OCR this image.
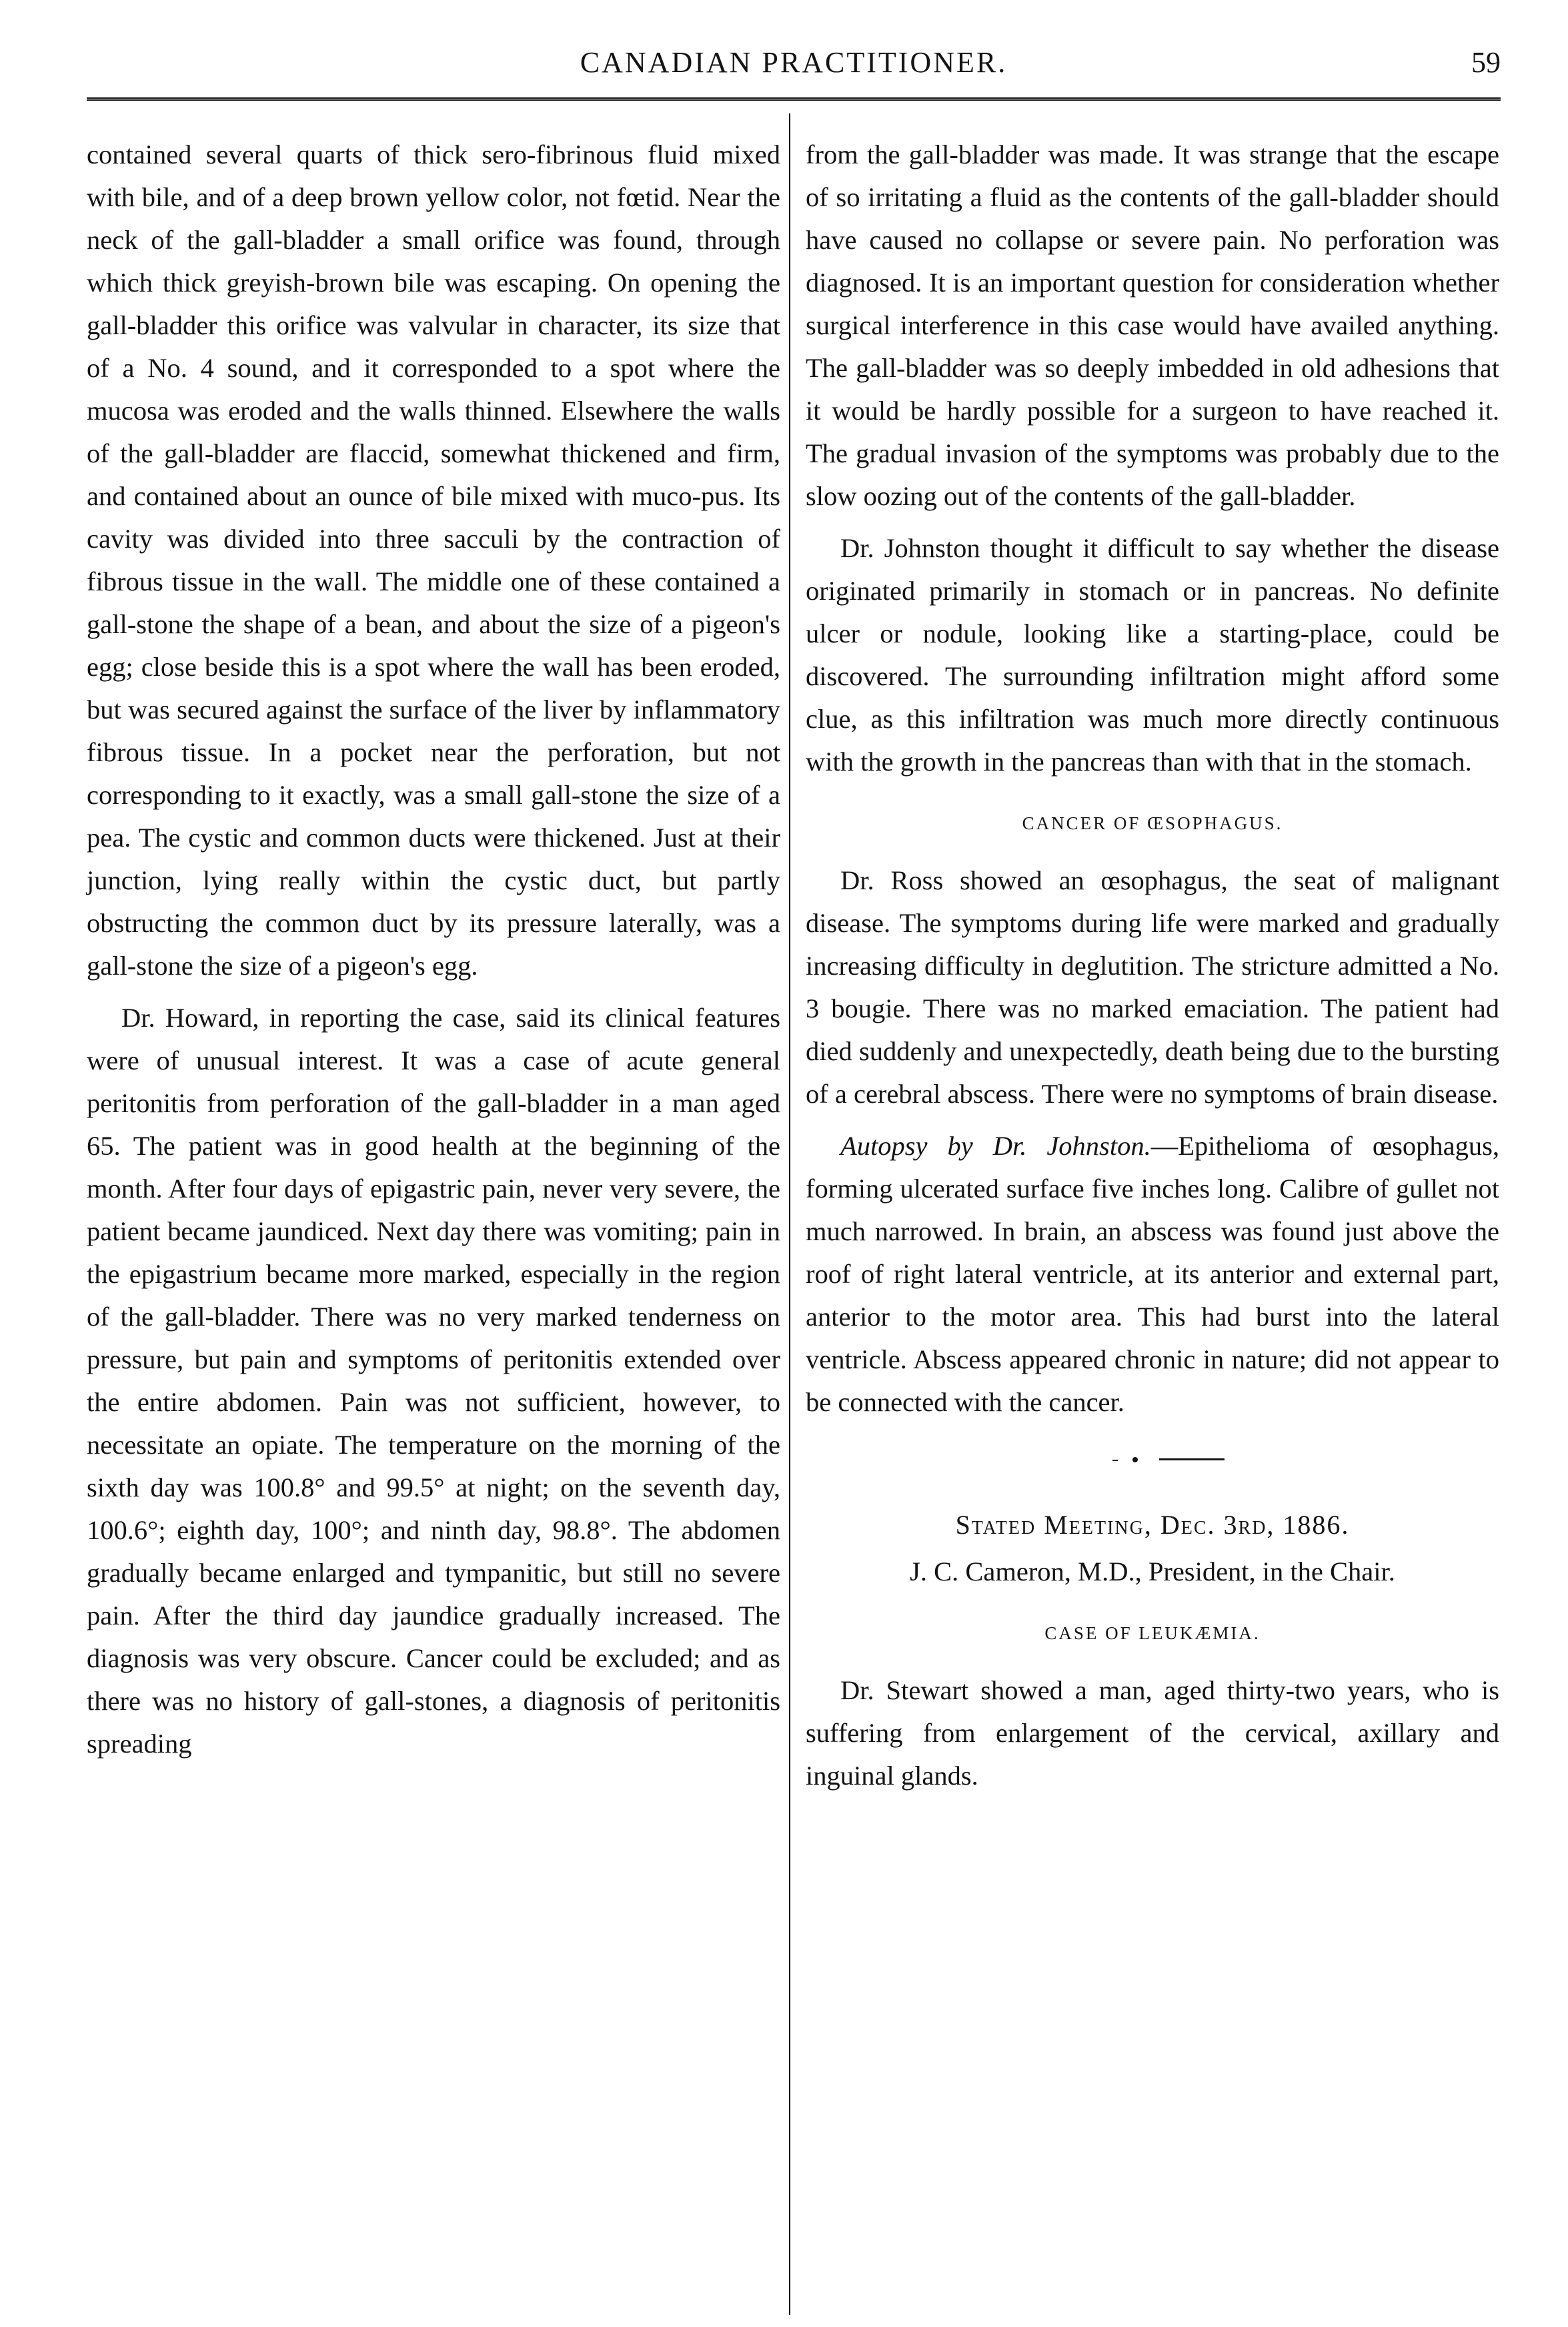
CANADIAN PRACTITIONER.	59

contained several quarts of thick sero-fibrinous fluid mixed with bile, and of a deep brown yellow color, not fœtid. Near the neck of the gall-bladder a small orifice was found, through which thick greyish-brown bile was escaping. On opening the gall-bladder this orifice was valvular in character, its size that of a No. 4 sound, and it corresponded to a spot where the mucosa was eroded and the walls thinned. Elsewhere the walls of the gall-bladder are flaccid, somewhat thickened and firm, and contained about an ounce of bile mixed with muco-pus. Its cavity was divided into three sacculi by the contraction of fibrous tissue in the wall. The middle one of these contained a gall-stone the shape of a bean, and about the size of a pigeon's egg; close beside this is a spot where the wall has been eroded, but was secured against the surface of the liver by inflammatory fibrous tissue. In a pocket near the perforation, but not corresponding to it exactly, was a small gall-stone the size of a pea. The cystic and common ducts were thickened. Just at their junction, lying really within the cystic duct, but partly obstructing the common duct by its pressure laterally, was a gall-stone the size of a pigeon's egg.

Dr. Howard, in reporting the case, said its clinical features were of unusual interest. It was a case of acute general peritonitis from perforation of the gall-bladder in a man aged 65. The patient was in good health at the beginning of the month. After four days of epigastric pain, never very severe, the patient became jaundiced. Next day there was vomiting; pain in the epigastrium became more marked, especially in the region of the gall-bladder. There was no very marked tenderness on pressure, but pain and symptoms of peritonitis extended over the entire abdomen. Pain was not sufficient, however, to necessitate an opiate. The temperature on the morning of the sixth day was 100.8° and 99.5° at night; on the seventh day, 100.6°; eighth day, 100°; and ninth day, 98.8°. The abdomen gradually became enlarged and tympanitic, but still no severe pain. After the third day jaundice gradually increased. The diagnosis was very obscure. Cancer could be excluded; and as there was no history of gall-stones, a diagnosis of peritonitis spreading

from the gall-bladder was made. It was strange that the escape of so irritating a fluid as the contents of the gall-bladder should have caused no collapse or severe pain. No perforation was diagnosed. It is an important question for consideration whether surgical interference in this case would have availed anything. The gall-bladder was so deeply imbedded in old adhesions that it would be hardly possible for a surgeon to have reached it. The gradual invasion of the symptoms was probably due to the slow oozing out of the contents of the gall-bladder.

Dr. Johnston thought it difficult to say whether the disease originated primarily in stomach or in pancreas. No definite ulcer or nodule, looking like a starting-place, could be discovered. The surrounding infiltration might afford some clue, as this infiltration was much more directly continuous with the growth in the pancreas than with that in the stomach.

CANCER OF ŒSOPHAGUS.

Dr. Ross showed an œsophagus, the seat of malignant disease. The symptoms during life were marked and gradually increasing difficulty in deglutition. The stricture admitted a No. 3 bougie. There was no marked emaciation. The patient had died suddenly and unexpectedly, death being due to the bursting of a cerebral abscess. There were no symptoms of brain disease.

Autopsy by Dr. Johnston.—Epithelioma of œsophagus, forming ulcerated surface five inches long. Calibre of gullet not much narrowed. In brain, an abscess was found just above the roof of right lateral ventricle, at its anterior and external part, anterior to the motor area. This had burst into the lateral ventricle. Abscess appeared chronic in nature; did not appear to be connected with the cancer.

Stated Meeting, Dec. 3rd, 1886.
J. C. Cameron, M.D., President, in the Chair.
CASE OF LEUKÆMIA.

Dr. Stewart showed a man, aged thirty-two years, who is suffering from enlargement of the cervical, axillary and inguinal glands.
